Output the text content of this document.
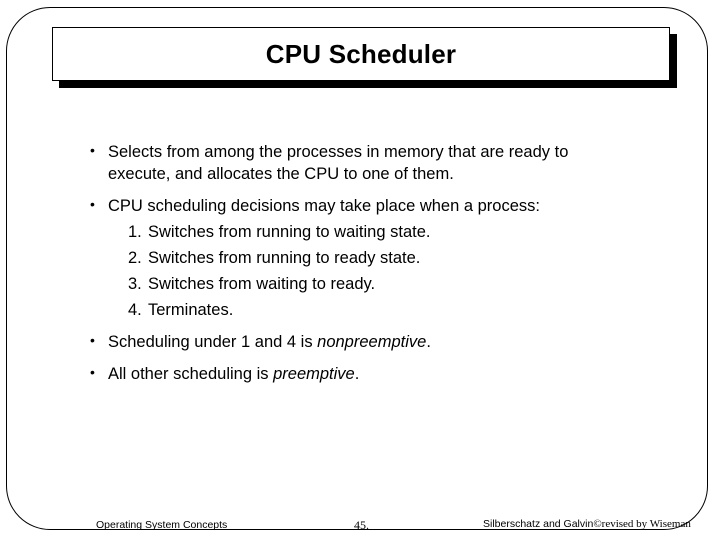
CPU Scheduler
• Selects from among the processes in memory that are ready to
execute, and allocates the CPU to one of them.
• CPU scheduling decisions may take place when a process:
1. Switches from running to waiting state.
2. Switches from running to ready state.
3. Switches from waiting to ready.
4. Terminates.
• Scheduling under 1 and 4 is nonpreemptive.
• All other scheduling is preemptive.
Operating System Concepts	45.	Silberschatz and Galvin©revised by Wiseman
